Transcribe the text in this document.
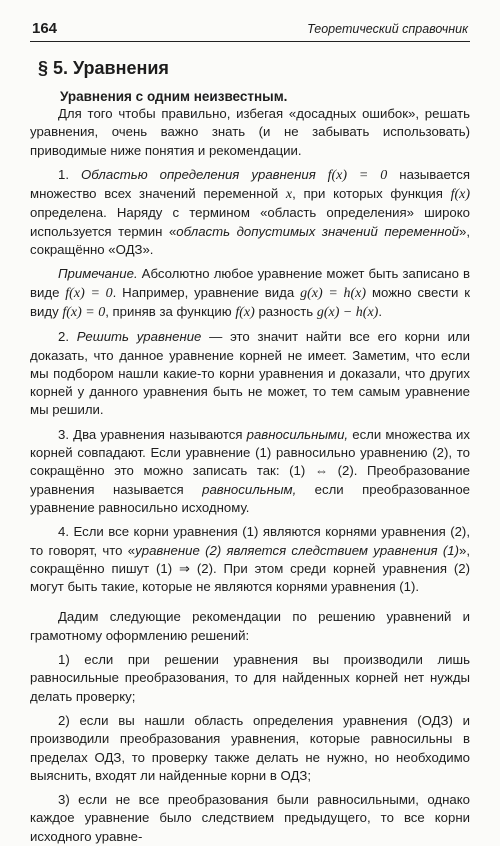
164	Теоретический справочник
§ 5. Уравнения
Уравнения с одним неизвестным.

Для того чтобы правильно, избегая «досадных ошибок», решать уравнения, очень важно знать (и не забывать использовать) приводимые ниже понятия и рекомендации.

1. Областью определения уравнения f(x) = 0 называется множество всех значений переменной x, при которых функция f(x) определена. Наряду с термином «область определения» широко используется термин «область допустимых значений переменной», сокращённо «ОДЗ».

Примечание. Абсолютно любое уравнение может быть записано в виде f(x) = 0. Например, уравнение вида g(x) = h(x) можно свести к виду f(x) = 0, приняв за функцию f(x) разность g(x) − h(x).

2. Решить уравнение — это значит найти все его корни или доказать, что данное уравнение корней не имеет. Заметим, что если мы подбором нашли какие-то корни уравнения и доказали, что других корней у данного уравнения быть не может, то тем самым уравнение мы решили.

3. Два уравнения называются равносильными, если множества их корней совпадают. Если уравнение (1) равносильно уравнению (2), то сокращённо это можно записать так: (1) ⇔ (2). Преобразование уравнения называется равносильным, если преобразованное уравнение равносильно исходному.

4. Если все корни уравнения (1) являются корнями уравнения (2), то говорят, что «уравнение (2) является следствием уравнения (1)», сокращённо пишут (1) ⇒ (2). При этом среди корней уравнения (2) могут быть такие, которые не являются корнями уравнения (1).

Дадим следующие рекомендации по решению уравнений и грамотному оформлению решений:

1) если при решении уравнения вы производили лишь равносильные преобразования, то для найденных корней нет нужды делать проверку;

2) если вы нашли область определения уравнения (ОДЗ) и производили преобразования уравнения, которые равносильны в пределах ОДЗ, то проверку также делать не нужно, но необходимо выяснить, входят ли найденные корни в ОДЗ;

3) если не все преобразования были равносильными, однако каждое уравнение было следствием предыдущего, то все корни исходного уравне-
